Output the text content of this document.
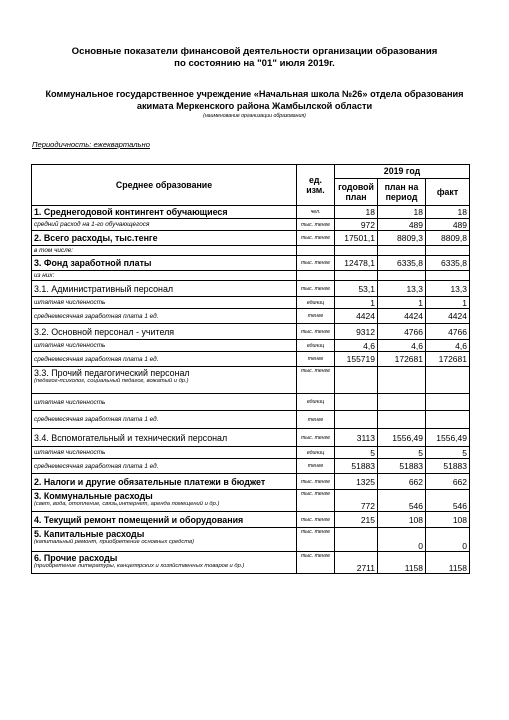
Основные показатели финансовой деятельности организации образования
по состоянию на "01" июля 2019г.
Коммунальное государственное учреждение «Начальная школа №26» отдела образования
акимата Меркенского района Жамбылской области
(наименование организации образования)
Периодичность: ежеквартально
Среднее образование	ед. изм.	2019 год		
		годовой план	план на период	факт
1. Среднегодовой контингент обучающиеся	чел.	18	18	18
средний расход на 1-го обучающегося	тыс. тенге	972	489	489
2. Всего расходы, тыс.тенге	тыс. тенге	17501,1	8809,3	8809,8
в том числе:				
3. Фонд заработной платы	тыс. тенге	12478,1	6335,8	6335,8
из них:				
3.1. Административный персонал	тыс. тенге	53,1	13,3	13,3
штатная численность	единиц	1	1	1
среднемесячная заработная плата 1 ед.	тенге	4424	4424	4424
3.2. Основной персонал - учителя	тыс. тенге	9312	4766	4766
штатная численность	единиц	4,6	4,6	4,6
среднемесячная заработная плата 1 ед.	тенге	155719	172681	172681
3.3. Прочий педагогический персонал
(педагог-психолог, социальный педагог, вожатый и др.)	тыс. тенге			
штатная численность	единиц			
среднемесячная заработная плата 1 ед.	тенге			
3.4. Вспомогательный и технический персонал	тыс. тенге	3113	1556,49	1556,49
штатная численность	единиц	5	5	5
среднемесячная заработная плата 1 ед.	тенге	51883	51883	51883
2. Налоги и другие обязательные платежи в бюджет	тыс. тенге	1325	662	662
3. Коммунальные расходы
(свет, вода, отопление, связь,интернет, аренда помещений и др.)	тыс. тенге	772	546	546
4. Текущий ремонт помещений и оборудования	тыс. тенге	215	108	108
5. Капитальные расходы
(капитальный ремонт, приобретение основных средств)	тыс. тенге		0	0
6. Прочие расходы
(приобретение литературы, канцелярских и хозяйственных товаров и др.)	тыс. тенге	2711	1158	1158
